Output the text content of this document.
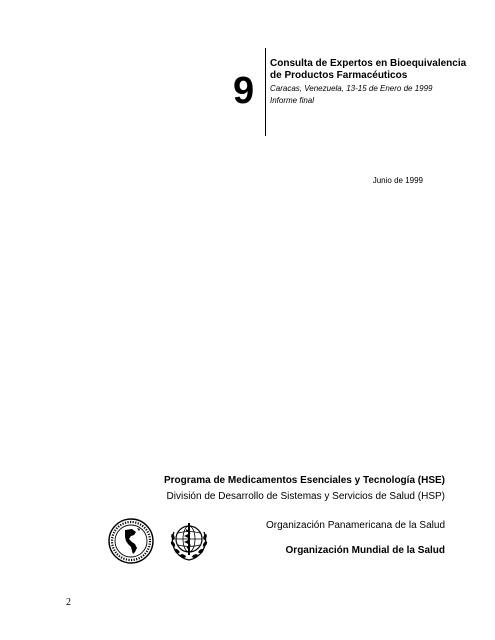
9

Consulta de Expertos en Bioequivalencia

de Productos Farmacéuticos

Caracas, Venezuela, 13-15 de Enero de 1999

Informe final

Junio de 1999
Programa de Medicamentos Esenciales y Tecnología (HSE)
División de Desarrollo de Sistemas y Servicios de Salud (HSP)
Organización Panamericana de la Salud
Organización Mundial de la Salud
2
